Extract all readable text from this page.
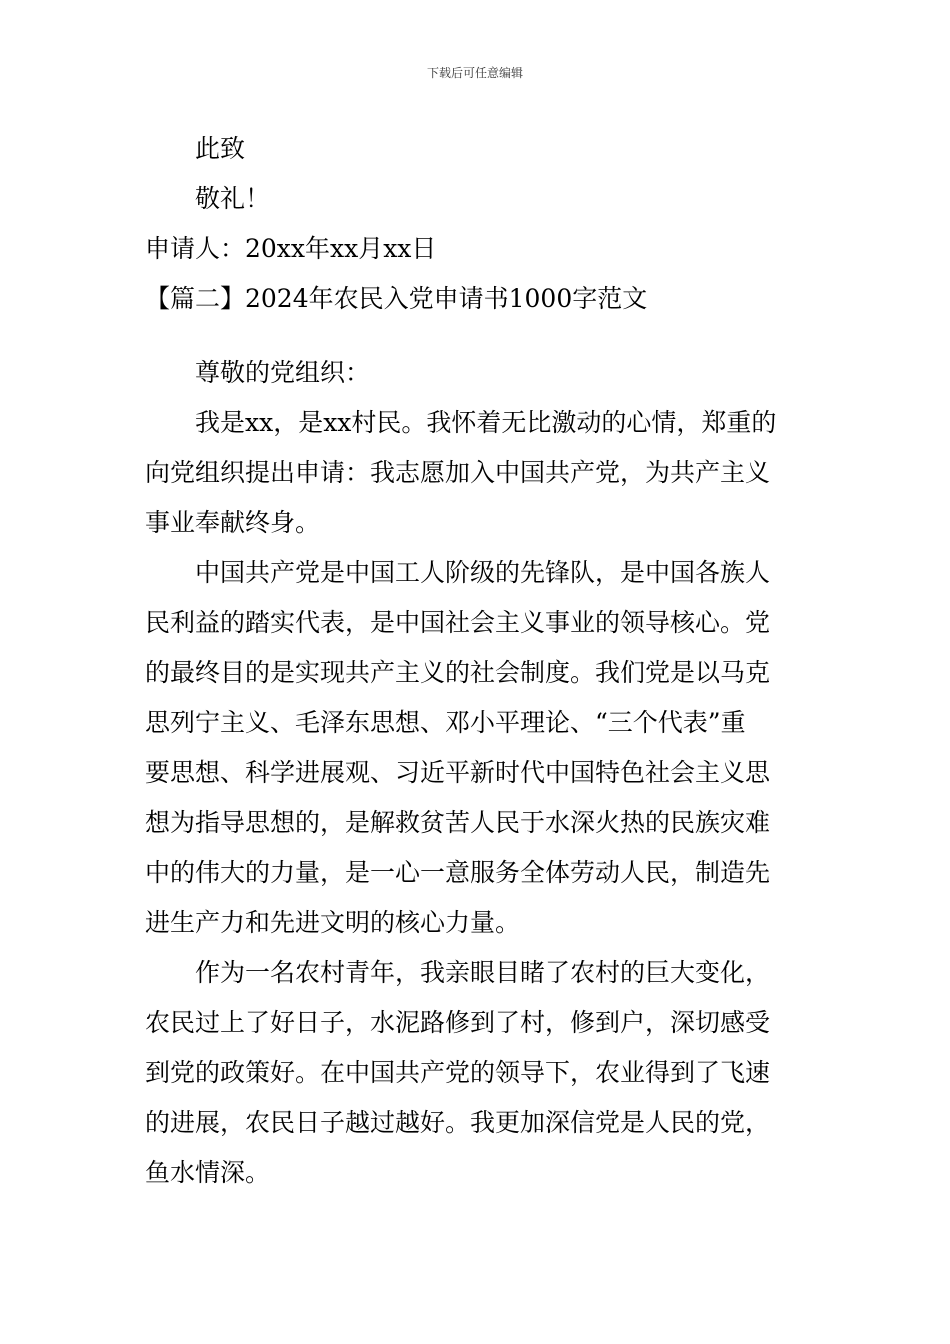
下载后可任意编辑
此致
敬礼！
申请人：20xx年xx月xx日
【篇二】2024年农民入党申请书1000字范文
尊敬的党组织：
我是xx，是xx村民。我怀着无比激动的心情，郑重的
向党组织提出申请：我志愿加入中国共产党，为共产主义
事业奉献终身。
中国共产党是中国工人阶级的先锋队，是中国各族人
民利益的踏实代表，是中国社会主义事业的领导核心。党
的最终目的是实现共产主义的社会制度。我们党是以马克
思列宁主义、毛泽东思想、邓小平理论、“三个代表”重
要思想、科学进展观、习近平新时代中国特色社会主义思
想为指导思想的，是解救贫苦人民于水深火热的民族灾难
中的伟大的力量，是一心一意服务全体劳动人民，制造先
进生产力和先进文明的核心力量。
作为一名农村青年，我亲眼目睹了农村的巨大变化，
农民过上了好日子，水泥路修到了村，修到户，深切感受
到党的政策好。在中国共产党的领导下，农业得到了飞速
的进展，农民日子越过越好。我更加深信党是人民的党，
鱼水情深。
